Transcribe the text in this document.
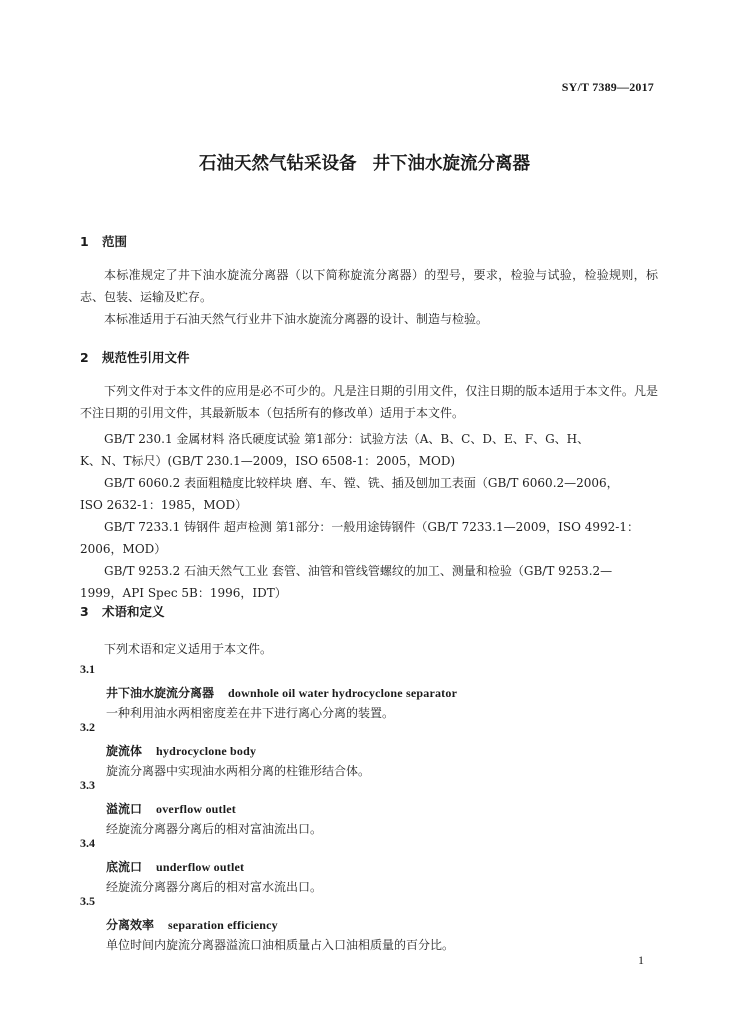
SY/T 7389—2017
石油天然气钻采设备 井下油水旋流分离器
1 范围
本标准规定了井下油水旋流分离器（以下简称旋流分离器）的型号，要求，检验与试验，检验规则，标志、包装、运输及贮存。
本标准适用于石油天然气行业井下油水旋流分离器的设计、制造与检验。
2 规范性引用文件
下列文件对于本文件的应用是必不可少的。凡是注日期的引用文件，仅注日期的版本适用于本文件。凡是不注日期的引用文件，其最新版本（包括所有的修改单）适用于本文件。
GB/T 230.1 金属材料 洛氏硬度试验 第1部分：试验方法（A、B、C、D、E、F、G、H、
K、N、T标尺）(GB/T 230.1—2009，ISO 6508-1：2005，MOD)
GB/T 6060.2 表面粗糙度比较样块 磨、车、镗、铣、插及刨加工表面（GB/T 6060.2—2006，
ISO 2632-1：1985，MOD）
GB/T 7233.1 铸钢件 超声检测 第1部分：一般用途铸钢件（GB/T 7233.1—2009，ISO 4992-1：
2006，MOD）
GB/T 9253.2 石油天然气工业 套管、油管和管线管螺纹的加工、测量和检验（GB/T 9253.2—
1999，API Spec 5B：1996，IDT）
3 术语和定义
下列术语和定义适用于本文件。
3.1
井下油水旋流分离器 downhole oil water hydrocyclone separator
一种利用油水两相密度差在井下进行离心分离的装置。
3.2
旋流体 hydrocyclone body
旋流分离器中实现油水两相分离的柱锥形结合体。
3.3
溢流口 overflow outlet
经旋流分离器分离后的相对富油流出口。
3.4
底流口 underflow outlet
经旋流分离器分离后的相对富水流出口。
3.5
分离效率 separation efficiency
单位时间内旋流分离器溢流口油相质量占入口油相质量的百分比。
1
